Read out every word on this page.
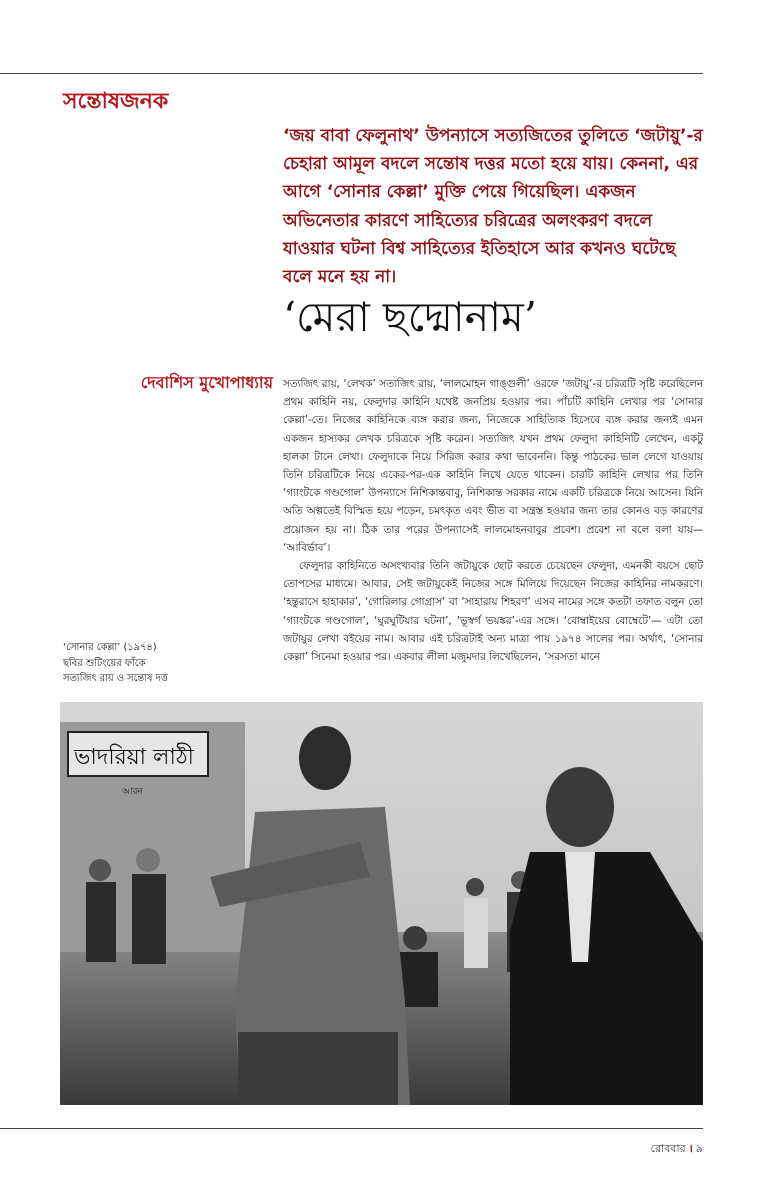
সন্তোষজনক
‘জয় বাবা ফেলুনাথ’ উপন্যাসে সত্যজিতের তুলিতে ‘জটায়ু’-র চেহারা আমূল বদলে সন্তোষ দত্তর মতো হয়ে যায়। কেননা, এর আগে ‘সোনার কেল্লা’ মুক্তি পেয়ে গিয়েছিল। একজন অভিনেতার কারণে সাহিত্যের চরিত্রের অলংকরণ বদলে যাওয়ার ঘটনা বিশ্ব সাহিত্যের ইতিহাসে আর কখনও ঘটেছে বলে মনে হয় না।
‘মেরা ছদ্মোনাম’
দেবাশিস মুখোপাধ্যায় সত্যজিৎ রায়, ‘লেখক’ সত্যজিৎ রায়, ‘লালমোহন গাঙ্গুলী’ ওরফে ‘জটায়ু’-র চরিত্রটি সৃষ্টি করেছিলেন প্রথম কাহিনি নয়, ফেলুদার কাহিনি যথেষ্ট জনপ্রিয় হওয়ার পর। পাঁচটি কাহিনি লেখার পর ‘সোনার কেল্লা’-তে। নিজের কাহিনিকে ব্যঙ্গ করার জন্য, নিজেকে সাহিত্যিক হিসেবে ব্যঙ্গ করার জন্যই এমন একজন হাস্যকর লেখক চরিত্রকে সৃষ্টি করেন। সত্যজিৎ যখন প্রথম ফেলুদা কাহিনিটি লেখেন, একটু হালকা টানে লেখা। ফেলুদাকে নিয়ে সিরিজ করার কথা ভাবেননি। কিন্তু পাঠকের ভাল লেগে যাওয়ায় তিনি চরিত্রটিকে নিয়ে একের-পর-এক কাহিনি লিখে যেতে থাকেন। চারটি কাহিনি লেখার পর তিনি ‘গ্যাংটকে গণ্ডগোল’ উপন্যাসে নিশিকান্তবাবু, নিশিকান্ত সরকার নামে একটি চরিত্রকে নিয়ে আসেন। যিনি অতি অল্পতেই বিস্মিত হয়ে পড়েন, চমৎকৃত এবং ভীত বা সন্ত্রস্ত হওয়ার জন্য তার কোনও বড় কারণের প্রয়োজন হয় না। ঠিক তার পরের উপন্যাসেই লালমোহনবাবুর প্রবেশ। প্রবেশ না বলে বলা যায়— ‘আবির্ভাব’।

ফেলুদার কাহিনিতে অসংখ্যবার তিনি জটায়ুকে ছোট করতে চেয়েছেন ফেলুদা, এমনকী বয়সে ছোট তোপসের মাধ্যমে। আবার, সেই জটায়ুকেই নিজের সঙ্গে মিলিয়ে দিয়েছেন নিজের কাহিনির নামকরণে। ‘হন্তুরাসে হাহাকার’, ‘গোরিলার গোগ্রাস’ বা ‘সাহারায় শিহরণ’ এসব নামের সঙ্গে কতটা তফাত বলুন তো ‘গ্যাংটকে গণ্ডগোল’, ‘ঘুরঘুটিয়ার ঘটনা’, ‘ভূস্বর্গ ভয়ঙ্কর’-এর সঙ্গে। ‘বোম্বাইয়ের বোম্বেটে’— এটা তো জটায়ুর লেখা বইয়ের নাম। আবার এই চরিত্রটাই অন্য মাত্রা পায় ১৯৭৪ সালের পর। অর্থাৎ, ‘সোনার কেল্লা’ সিনেমা হওয়ার পর। একবার লীলা মজুমদার লিখেছিলেন, ‘সরসতা মানে

‘সোনার কেল্লা’ (১৯৭৪)
ছবির শুটিংয়ের ফাঁকে
সত্যজিৎ রায় ও সন্তোষ দত্ত
ভাদরিয়া লাঠী
আরন
রোববার । ৯
